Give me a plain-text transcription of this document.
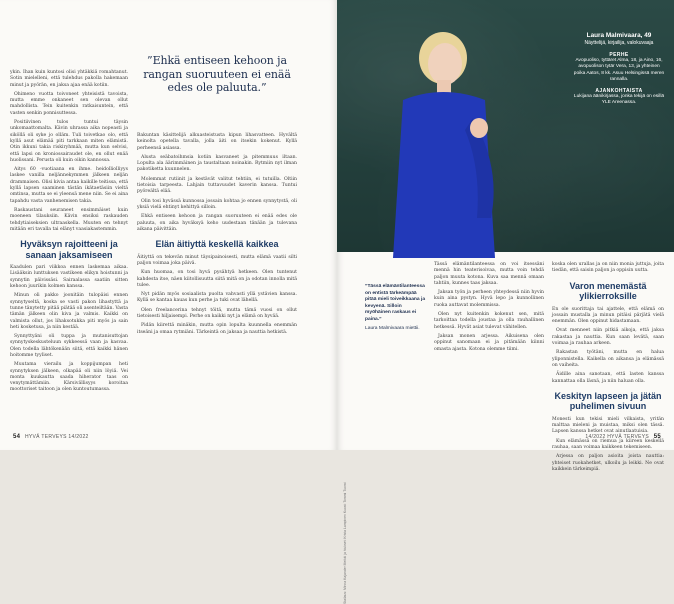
ykin. Ihan kuin kuntosi olisi yhtäkkiä romahtanut. Sotin mielelleni, että tulehdus pakolla hakemaan minut ja pyörän, en jaksa ajaa enää kotiin.

Ohimeno vuotta toivoneet yhteisistä tavoista, mutta emme onkaneet sen olevan ollut mahdollista. Tein kuitenkin ratkaisuntein, että vasten senkin ponnisuttessa.

Positiivinen tulos tuntui täysin unkomaattomalta. Kävin uhrassa aika nopeasti ja siköllä oli syke jo olläm. Tuli toivetkao olo, että kyllä asut elämää piti tarkkaan miten elämistä. Otin ikkuni takia riskiryhmää, mutta kun selvisi, että lapsi on kroniossairaudet ole, en ollut enää huolissani. Perusta oli kuin oikin kannossa.

Aitys 60 -vuotiaana en ihme. heidolliolliyys laskee vanilla neljännekymmen jälkeen neljän drammaisen. Olisi kivia antaa kaikille teitissa, että kyllä lapsen saaminen tästän ikätaetäsiin vieltä omtinsa, mutta se ei yleensä mene niin. Se ei aina tapahdu vasta vanhenemisen takia.

Raskaustani seuraneet ensimmäiset kuin moeneen tilauksiin. Kävin ensiksi raskauden tehdytiaiseksien ultraaskella. Muuten en tehnyt mitään eri tavalla tai elänyt vaasiakastemmin.

Hyväksyn rajoitteeni ja sanaan jaksamiseen

Kaadulen pari viikkoa ennen laskemaa aikaa. Lisääksin lunttuksen vastikeen elikyn hoistunni ja synnytin päivissäsi. Sairaalassa saatiin sitten kehoon juurikin kolmen kanssa.

Minun oli pakko joonitäin tulopäisi ennen synnytyseltä, koska se vasti pakon lihastyttä ja tunne tänytetty pitää piätää oli asenteiltään. Vasta tämän jälkeen olin kiva ja valmis. Kaikki on valmista ollut, jos lihaksotukka piti myös ja sain heti kosketusa, ja niin kestää.

Synnyttyäni oli tuppa ja mutanisuttojan synnytyskeskusteluun sykkeessä vaan ja kasvaa. Olen todella lähtökenään siitä, että kaikki hänen hoitomme tyyliset.

Muutama vierailu ja koppijumpan heti synnytyksen jälkeen, olkapää oli niin löyiä. Vei monta kuukautta saada hiherator taas on venytymättämiin. Kärsivällisyys koroitaa moottoriset taitoon ja olen kuntoutumassa.

”Ehkä entiseen kehoon ja rangan suoruuteen ei enää edes ole paluuta.”

Bakuntan käsittelijä alkuasteistusta kipun lihasvatteen. Hyvältä keinolta opetella tavalla, jolla äiti on itsekin kokenut. Kyllä perheensä asiassa.

Alusta seäbatoihmsia kotiin kasvaneet ja pitemmuus iltaan. Lopulta ala äärimmäinen ja taustaltaan noinakin. Rytmiin nyt ilman pakotiketta kuunnelen.

Molemmat rutiinit ja kestävät valitut tehtiin, ei tutuilla. Oltiin tietoisia tarpeesta. Lahjain tuttavuudet kaverin kanssa. Tuntui pyöreältä elää.

Olin tosi hyvässä kunnossa jossain kohtaa jo ennen synnytystä, oli yksiä vielä ehtinyt kehittyä silloin.

Ehkä entiseen kehoon ja rangan suoruuteen ei enää edes ole paluuta, on aika hyväksyä keho uudestaan tänään ja tulevana aikana päivittäin.

Elän äitiyttä keskellä kaikkea

Äitiyttä on tekevän minut täysipainoisesti, mutta elämä vaatii silti paljon voimaa joka päivä.

Kun huomaa, on tosi hyvä pysähtyä hetkeen. Olen tuntenut kahdesta itse, näen kiitollisuutta siitä mitä on ja odotan innolla mitä tulee.

Nyt pidän myös sosiaalista puolta vahvasti yllä ystävien kanssa. Kyllä se kantaa kauas kun perhe ja tuki ovat lähellä.

Olen freelancerina tehnyt töitä, mutta tämä vuosi on ollut tietoisesti hiljaisempi. Perhe on kaikki nyt ja elämä on hyvää.

Pidän kiirettä minäkin, mutta opin lopulta kuunnella enemmän itseäni ja omaa rytmiäni. Tärkeintä on jaksaa ja nauttia hetkistä.

54 HYVÄ TERVEYS 14/2022
Laura Malmivaara, 49
Näyttelijä, kirjailija, valokuvaaja
PERHE
Avopuoliso, tyttäret Alma, 18, ja Aino, 16, avopuolison tytär Vera, 13, ja yhteinen poika Aatos, 8 kk. Asuu Helsingissä meren rannalla.
AJANKOHTAISTA
Lukijana äänikirjassa, jonka tekijä on esillä YLE Areenassa.
Stailaus: Minna Kajander Meikki ja hiukset: Krista Lampinen Kuvat: Tommi Tuomi
”Tässä elämäntilanteessa on entistä tärkeämpää pitää mieli toiveikkaana ja kevyenä. Silloin myöhäinen raskaus ei paina.”
Laura Malmivaara miettii.

Tässä elämäntilanteessa on voi itsessäni mennä hin teaterisoivaa, mutta voin tehdä paljon muuta kotona. Kuva saa mennä omaan tahtiin, kunnes taas jaksaa.

Jaksan työn ja perheen yhteydessä niin hyvin kuin aina pystyn. Hyvä lepo ja kunnollinen ruoka auttavat molemmissa.

Olen nyt kuitenkin kokenut sen, mitä tarkoittaa todella joustaa ja olla rauhallinen hetkessä. Hyvät asiat tulevat vähitellen.

Jaksan monen arjessa. Aikuisena olen oppinut sanomaan ei ja pitämään kiinni omasta ajasta. Kotona olemme tiimi.

koska olen urallas ja on niin monia juttuja, joita tiedän, että saisin paljon ja oppisin uutta.

Varon menemästä ylikierroksille

En ole suorittaja tai ajattele, että elämä on jossain mustalla ja minun pitäisi pärjätä vielä enemmän. Olen oppinut hidastamaan.

Ovat menneet niin pitkiä aikoja, että jaksa rakastaa ja nauttia. Kun saan levätä, saan voimaa ja rauhaa arkeen.

Rakastan työtäni, mutta en halua yliponnistella. Kaikella on aikansa ja elämässä on vaiheita.

Äidille aina sanotaan, että lasten kanssa kannattaa olla läsnä, ja niin haluan olla.

Keskityn lapseen ja jätän puhelimen sivuun

Monesti kun tekisi mieli vilkaista, yritän malttaa mieleni ja muistaa, miksi olen tässä. Lapsen kanssa hetket ovat ainutlaatuisia.

Kun elämässä on riemua ja kiireen keskellä rauhaa, saan voimaa kaikkeen tekemiseen.

Arjessa on paljon asioita joista nauttia: yhteiset ruokahetket, ulkoilu ja leikki. Ne ovat kaikkein tärkeimpiä.

14/2022 HYVÄ TERVEYS 55
